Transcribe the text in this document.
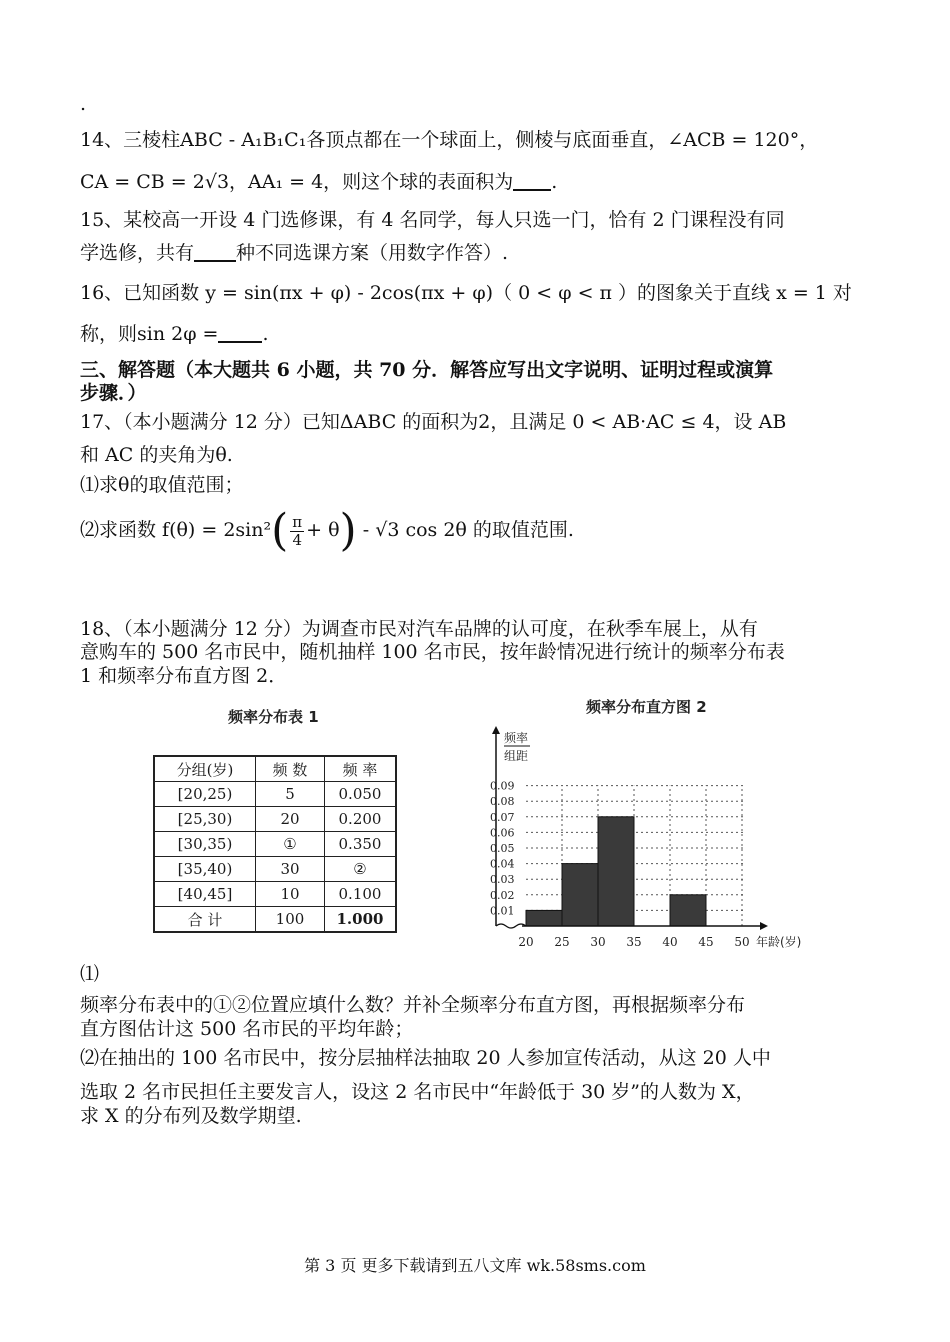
.
14、三棱柱ABC - A₁B₁C₁各顶点都在一个球面上，侧棱与底面垂直，∠ACB = 120°，
CA = CB = 2√3，AA₁ = 4，则这个球的表面积为 .
15、某校高一开设 4 门选修课，有 4 名同学，每人只选一门，恰有 2 门课程没有同
学选修，共有 种不同选课方案（用数字作答）.
16、已知函数 y = sin(πx + φ) - 2cos(πx + φ)（ 0 < φ < π ）的图象关于直线 x = 1 对
称，则sin 2φ = .
三、解答题（本大题共 6 小题，共 70 分．解答应写出文字说明、证明过程或演算
步骤．）
17、（本小题满分 12 分）已知ΔABC 的面积为2，且满足 0 < AB·AC ≤ 4，设 AB
和 AC 的夹角为θ.
⑴求θ的取值范围；
⑵求函数 $f(\theta) = 2\sin^2( \frac{\pi}{4} + \theta) - √3$ cos 2θ 的取值范围.
18、（本小题满分 12 分）为调查市民对汽车品牌的认可度，在秋季车展上，从有
意购车的 500 名市民中，随机抽样 100 名市民，按年龄情况进行统计的频率分布表
1 和频率分布直方图 2．
频率分布表 1
分组(岁)	频 数	频 率
[20,25)	5	0.050
[25,30)	20	0.200
[30,35)	①	0.350
[35,40)	30	②
[40,45]	10	0.100
合 计	100	1.000
频率分布直方图 2
0.01
0.02
0.03
0.04
0.05
0.06
0.07
0.08
0.09
20 25 30 35 40 45 50 年龄(岁)
频率
组距
⑴
频率分布表中的①②位置应填什么数？并补全频率分布直方图，再根据频率分布
直方图估计这 500 名市民的平均年龄；
⑵在抽出的 100 名市民中，按分层抽样法抽取 20 人参加宣传活动，从这 20 人中
选取 2 名市民担任主要发言人，设这 2 名市民中“年龄低于 30 岁”的人数为 X，
求 X 的分布列及数学期望.
第 3 页 更多下载请到五八文库 wk.58sms.com
